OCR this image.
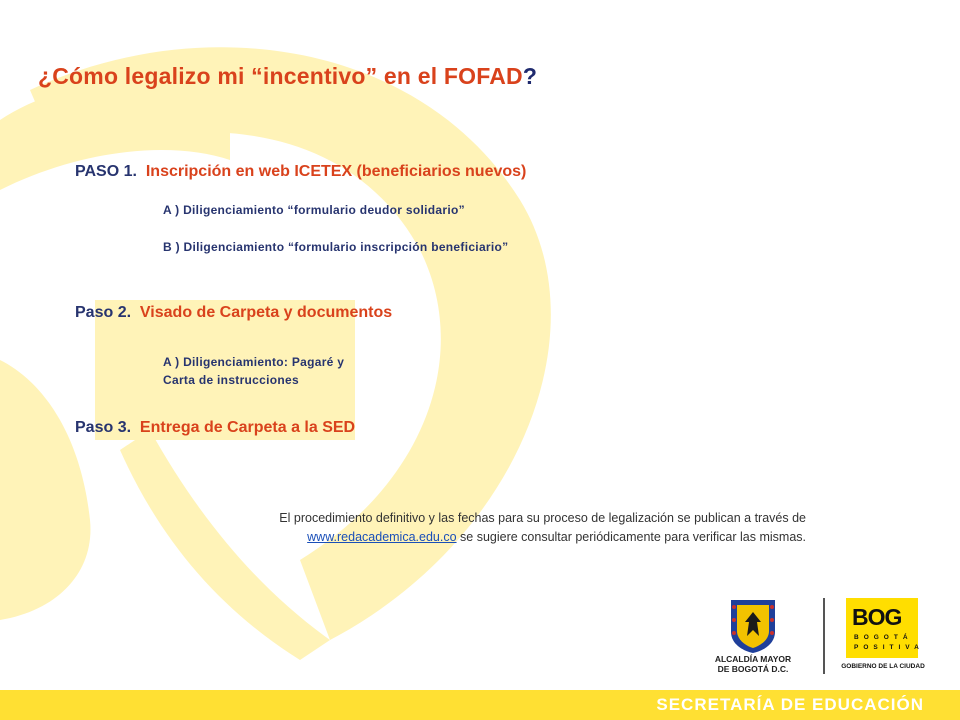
¿Cómo legalizo mi “incentivo” en el FOFAD?
PASO 1. Inscripción en web ICETEX (beneficiarios nuevos)
A ) Diligenciamiento “formulario deudor solidario”
B ) Diligenciamiento “formulario inscripción beneficiario”
Paso 2. Visado de Carpeta y documentos
A ) Diligenciamiento: Pagaré y
Carta de instrucciones
Paso 3. Entrega de Carpeta a la SED
El procedimiento definitivo y las fechas para su proceso de legalización se publican a través de
www.redacademica.edu.co se sugiere consultar periódicamente para verificar las mismas.
ALCALDÍA MAYOR
DE BOGOTÁ D.C.
BOG
BOGOTÁ
POSITIVA
GOBIERNO DE LA CIUDAD
SECRETARÍA DE EDUCACIÓN
